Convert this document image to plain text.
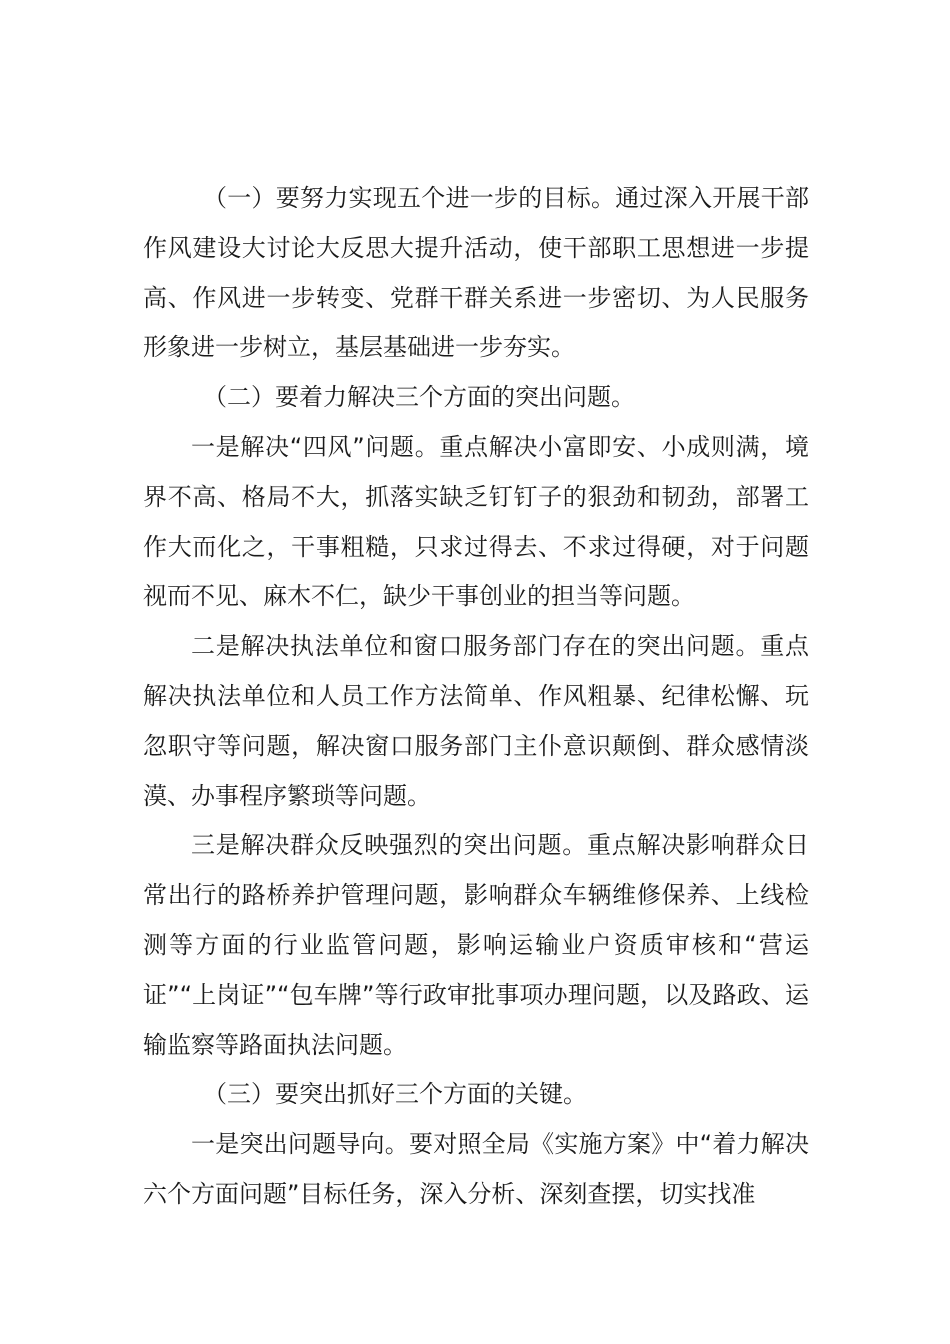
（一）要努力实现五个进一步的目标。通过深入开展干部作风建设大讨论大反思大提升活动，使干部职工思想进一步提高、作风进一步转变、党群干群关系进一步密切、为人民服务形象进一步树立，基层基础进一步夯实。

（二）要着力解决三个方面的突出问题。

一是解决“四风”问题。重点解决小富即安、小成则满，境界不高、格局不大，抓落实缺乏钉钉子的狠劲和韧劲，部署工作大而化之，干事粗糙，只求过得去、不求过得硬，对于问题视而不见、麻木不仁，缺少干事创业的担当等问题。

二是解决执法单位和窗口服务部门存在的突出问题。重点解决执法单位和人员工作方法简单、作风粗暴、纪律松懈、玩忽职守等问题，解决窗口服务部门主仆意识颠倒、群众感情淡漠、办事程序繁琐等问题。

三是解决群众反映强烈的突出问题。重点解决影响群众日常出行的路桥养护管理问题，影响群众车辆维修保养、上线检测等方面的行业监管问题，影响运输业户资质审核和“营运证”“上岗证”“包车牌”等行政审批事项办理问题，以及路政、运输监察等路面执法问题。

（三）要突出抓好三个方面的关键。

一是突出问题导向。要对照全局《实施方案》中“着力解决六个方面问题”目标任务，深入分析、深刻查摆，切实找准
